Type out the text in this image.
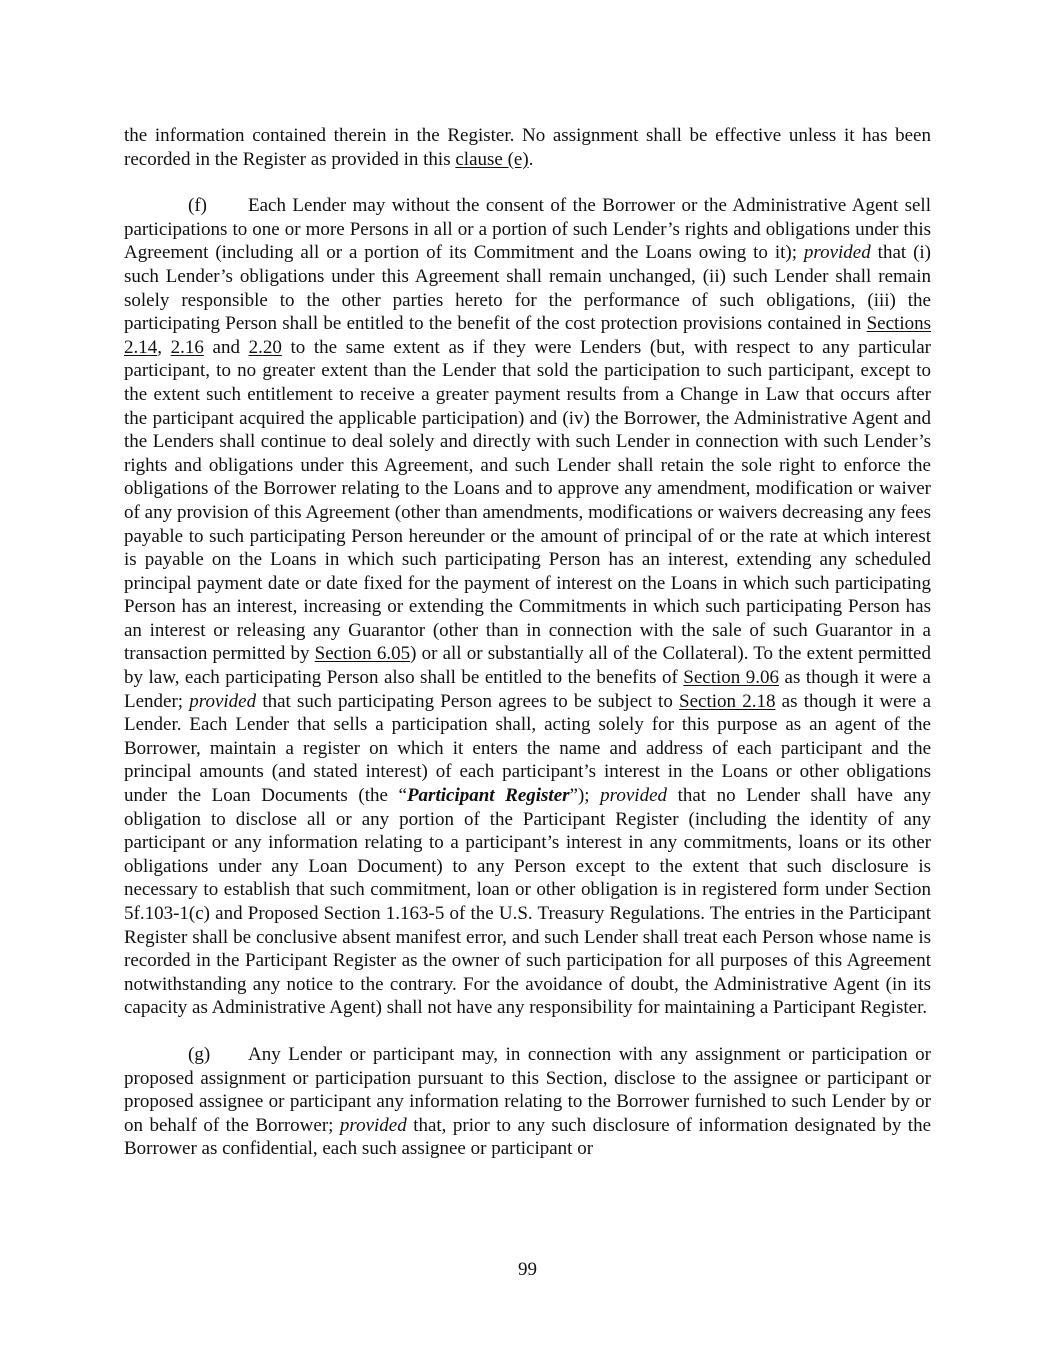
the information contained therein in the Register. No assignment shall be effective unless it has been recorded in the Register as provided in this clause (e).

(f) Each Lender may without the consent of the Borrower or the Administrative Agent sell participations to one or more Persons in all or a portion of such Lender’s rights and obligations under this Agreement (including all or a portion of its Commitment and the Loans owing to it); provided that (i) such Lender’s obligations under this Agreement shall remain unchanged, (ii) such Lender shall remain solely responsible to the other parties hereto for the performance of such obligations, (iii) the participating Person shall be entitled to the benefit of the cost protection provisions contained in Sections 2.14, 2.16 and 2.20 to the same extent as if they were Lenders (but, with respect to any particular participant, to no greater extent than the Lender that sold the participation to such participant, except to the extent such entitlement to receive a greater payment results from a Change in Law that occurs after the participant acquired the applicable participation) and (iv) the Borrower, the Administrative Agent and the Lenders shall continue to deal solely and directly with such Lender in connection with such Lender’s rights and obligations under this Agreement, and such Lender shall retain the sole right to enforce the obligations of the Borrower relating to the Loans and to approve any amendment, modification or waiver of any provision of this Agreement (other than amendments, modifications or waivers decreasing any fees payable to such participating Person hereunder or the amount of principal of or the rate at which interest is payable on the Loans in which such participating Person has an interest, extending any scheduled principal payment date or date fixed for the payment of interest on the Loans in which such participating Person has an interest, increasing or extending the Commitments in which such participating Person has an interest or releasing any Guarantor (other than in connection with the sale of such Guarantor in a transaction permitted by Section 6.05) or all or substantially all of the Collateral). To the extent permitted by law, each participating Person also shall be entitled to the benefits of Section 9.06 as though it were a Lender; provided that such participating Person agrees to be subject to Section 2.18 as though it were a Lender. Each Lender that sells a participation shall, acting solely for this purpose as an agent of the Borrower, maintain a register on which it enters the name and address of each participant and the principal amounts (and stated interest) of each participant’s interest in the Loans or other obligations under the Loan Documents (the “Participant Register”); provided that no Lender shall have any obligation to disclose all or any portion of the Participant Register (including the identity of any participant or any information relating to a participant’s interest in any commitments, loans or its other obligations under any Loan Document) to any Person except to the extent that such disclosure is necessary to establish that such commitment, loan or other obligation is in registered form under Section 5f.103-1(c) and Proposed Section 1.163-5 of the U.S. Treasury Regulations. The entries in the Participant Register shall be conclusive absent manifest error, and such Lender shall treat each Person whose name is recorded in the Participant Register as the owner of such participation for all purposes of this Agreement notwithstanding any notice to the contrary. For the avoidance of doubt, the Administrative Agent (in its capacity as Administrative Agent) shall not have any responsibility for maintaining a Participant Register.

(g) Any Lender or participant may, in connection with any assignment or participation or proposed assignment or participation pursuant to this Section, disclose to the assignee or participant or proposed assignee or participant any information relating to the Borrower furnished to such Lender by or on behalf of the Borrower; provided that, prior to any such disclosure of information designated by the Borrower as confidential, each such assignee or participant or

99
